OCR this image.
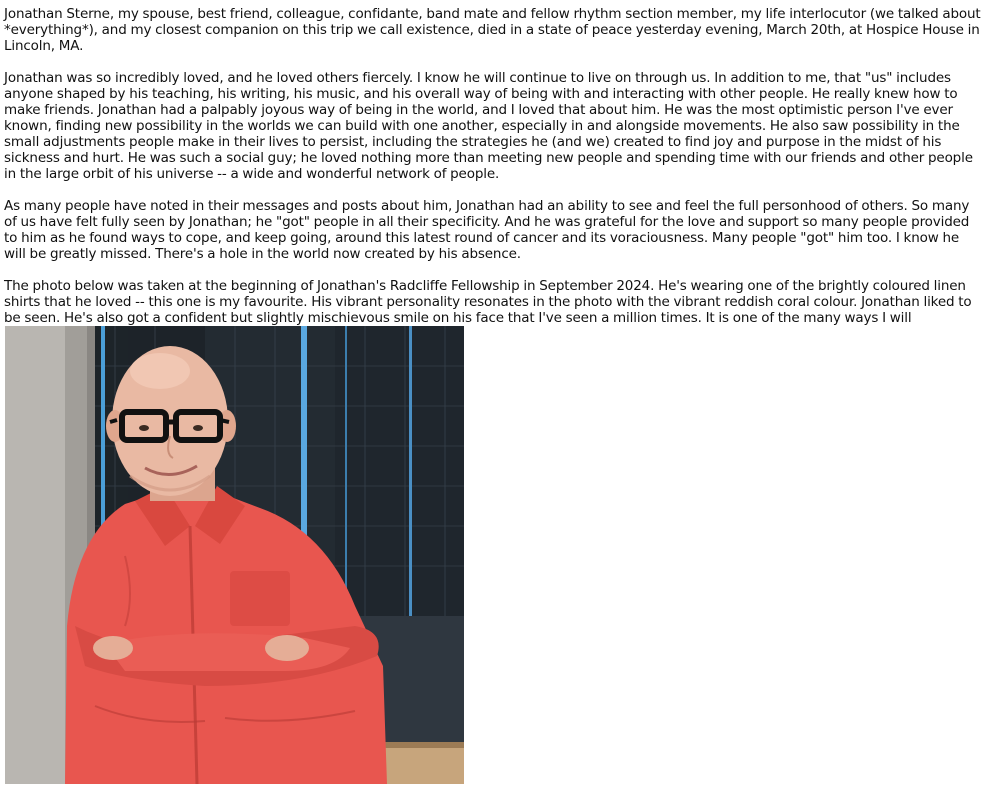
Jonathan Sterne, my spouse, best friend, colleague, confidante, band mate and fellow rhythm section member, my life interlocutor (we talked about *everything*), and my closest companion on this trip we call existence, died in a state of peace yesterday evening, March 20th, at Hospice House in Lincoln, MA.

Jonathan was so incredibly loved, and he loved others fiercely. I know he will continue to live on through us. In addition to me, that "us" includes anyone shaped by his teaching, his writing, his music, and his overall way of being with and interacting with other people. He really knew how to make friends. Jonathan had a palpably joyous way of being in the world, and I loved that about him. He was the most optimistic person I've ever known, finding new possibility in the worlds we can build with one another, especially in and alongside movements. He also saw possibility in the small adjustments people make in their lives to persist, including the strategies he (and we) created to find joy and purpose in the midst of his sickness and hurt. He was such a social guy; he loved nothing more than meeting new people and spending time with our friends and other people in the large orbit of his universe -- a wide and wonderful network of people.

As many people have noted in their messages and posts about him, Jonathan had an ability to see and feel the full personhood of others. So many of us have felt fully seen by Jonathan; he "got" people in all their specificity. And he was grateful for the love and support so many people provided to him as he found ways to cope, and keep going, around this latest round of cancer and its voraciousness. Many people "got" him too. I know he will be greatly missed. There's a hole in the world now created by his absence.

The photo below was taken at the beginning of Jonathan's Radcliffe Fellowship in September 2024. He's wearing one of the brightly coloured linen shirts that he loved -- this one is my favourite. His vibrant personality resonates in the photo with the vibrant reddish coral colour. Jonathan liked to be seen. He's also got a confident but slightly mischievous smile on his face that I've seen a million times. It is one of the many ways I will
